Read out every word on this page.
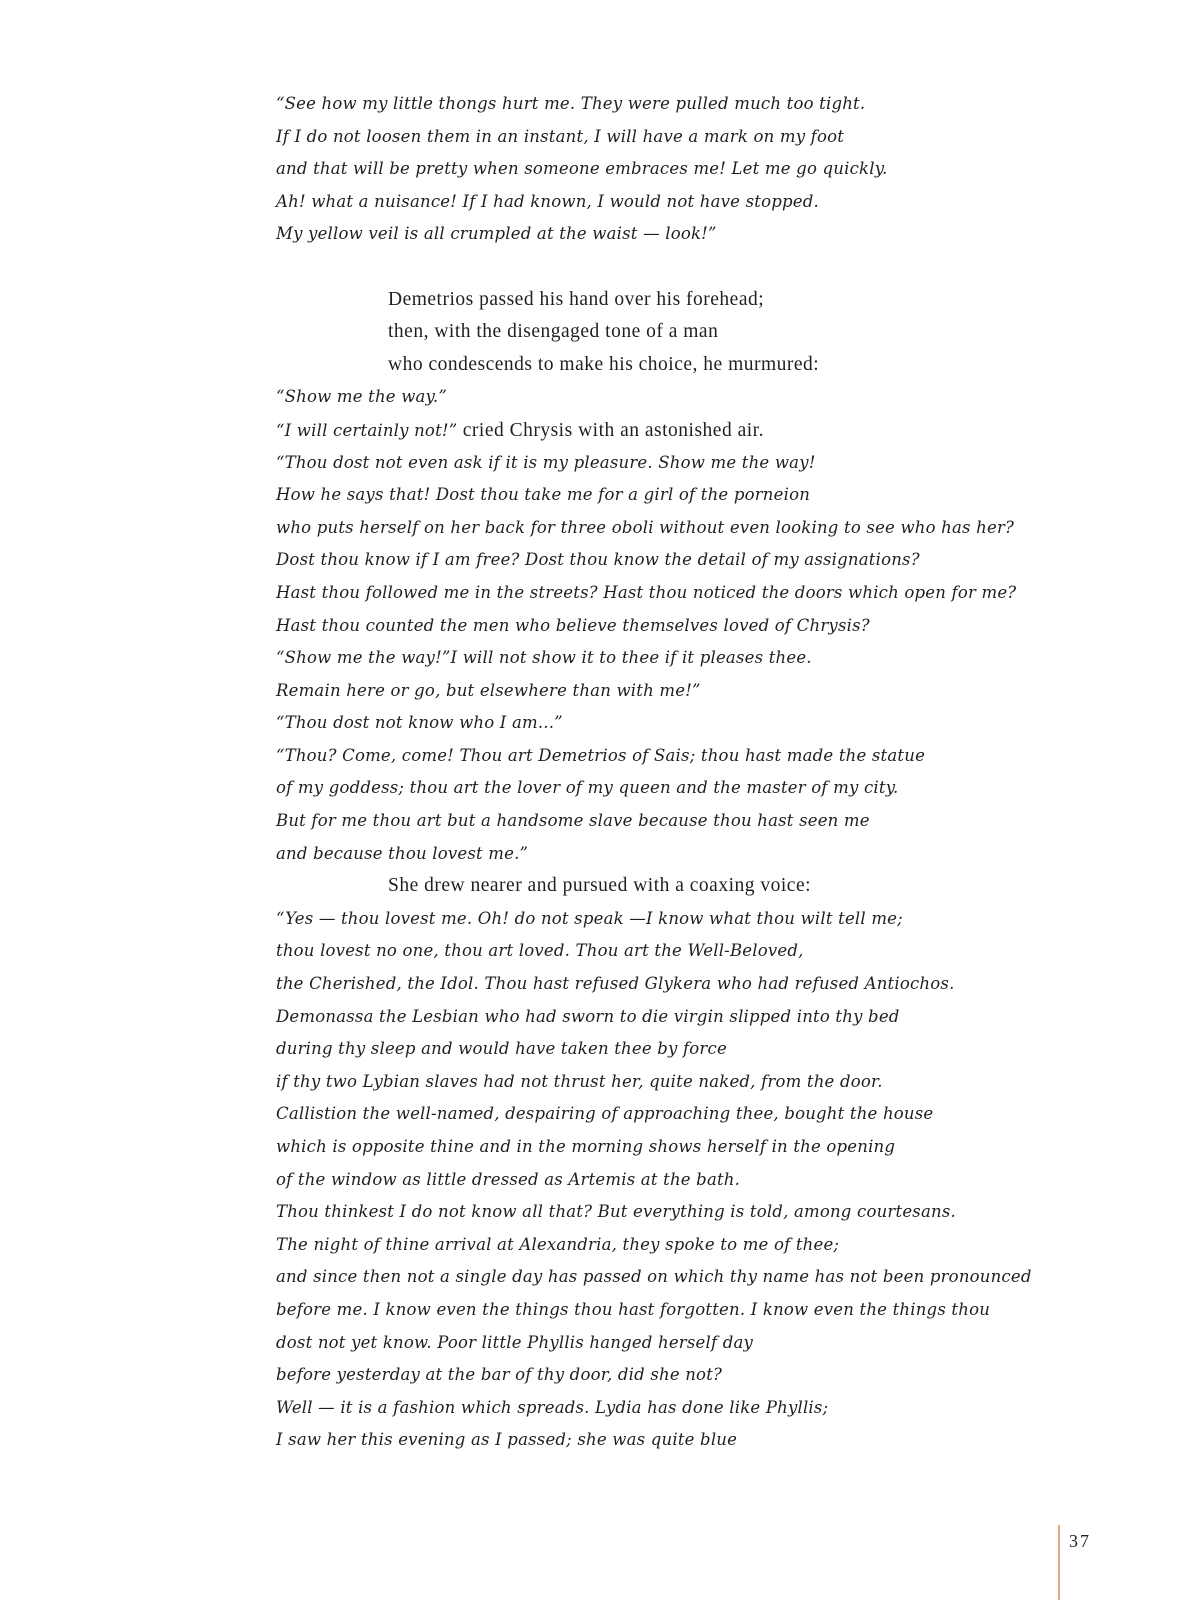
“See how my little thongs hurt me. They were pulled much too tight.
If I do not loosen them in an instant, I will have a mark on my foot
and that will be pretty when someone embraces me! Let me go quickly.
Ah! what a nuisance! If I had known, I would not have stopped.
My yellow veil is all crumpled at the waist — look!”
Demetrios passed his hand over his forehead;
then, with the disengaged tone of a man
who condescends to make his choice, he murmured:
“Show me the way.”
“I will certainly not!” cried Chrysis with an astonished air.
“Thou dost not even ask if it is my pleasure. Show me the way!
How he says that! Dost thou take me for a girl of the porneion
who puts herself on her back for three oboli without even looking to see who has her?
Dost thou know if I am free? Dost thou know the detail of my assignations?
Hast thou followed me in the streets? Hast thou noticed the doors which open for me?
Hast thou counted the men who believe themselves loved of Chrysis?
“Show me the way!”I will not show it to thee if it pleases thee.
Remain here or go, but elsewhere than with me!”
“Thou dost not know who I am...”
“Thou? Come, come! Thou art Demetrios of Sais; thou hast made the statue
of my goddess; thou art the lover of my queen and the master of my city.
But for me thou art but a handsome slave because thou hast seen me
and because thou lovest me.”
She drew nearer and pursued with a coaxing voice:
“Yes — thou lovest me. Oh! do not speak —I know what thou wilt tell me;
thou lovest no one, thou art loved. Thou art the Well-Beloved,
the Cherished, the Idol. Thou hast refused Glykera who had refused Antiochos.
Demonassa the Lesbian who had sworn to die virgin slipped into thy bed
during thy sleep and would have taken thee by force
if thy two Lybian slaves had not thrust her, quite naked, from the door.
Callistion the well-named, despairing of approaching thee, bought the house
which is opposite thine and in the morning shows herself in the opening
of the window as little dressed as Artemis at the bath.
Thou thinkest I do not know all that? But everything is told, among courtesans.
The night of thine arrival at Alexandria, they spoke to me of thee;
and since then not a single day has passed on which thy name has not been pronounced
before me. I know even the things thou hast forgotten. I know even the things thou
dost not yet know. Poor little Phyllis hanged herself day
before yesterday at the bar of thy door, did she not?
Well — it is a fashion which spreads. Lydia has done like Phyllis;
I saw her this evening as I passed; she was quite blue
37
